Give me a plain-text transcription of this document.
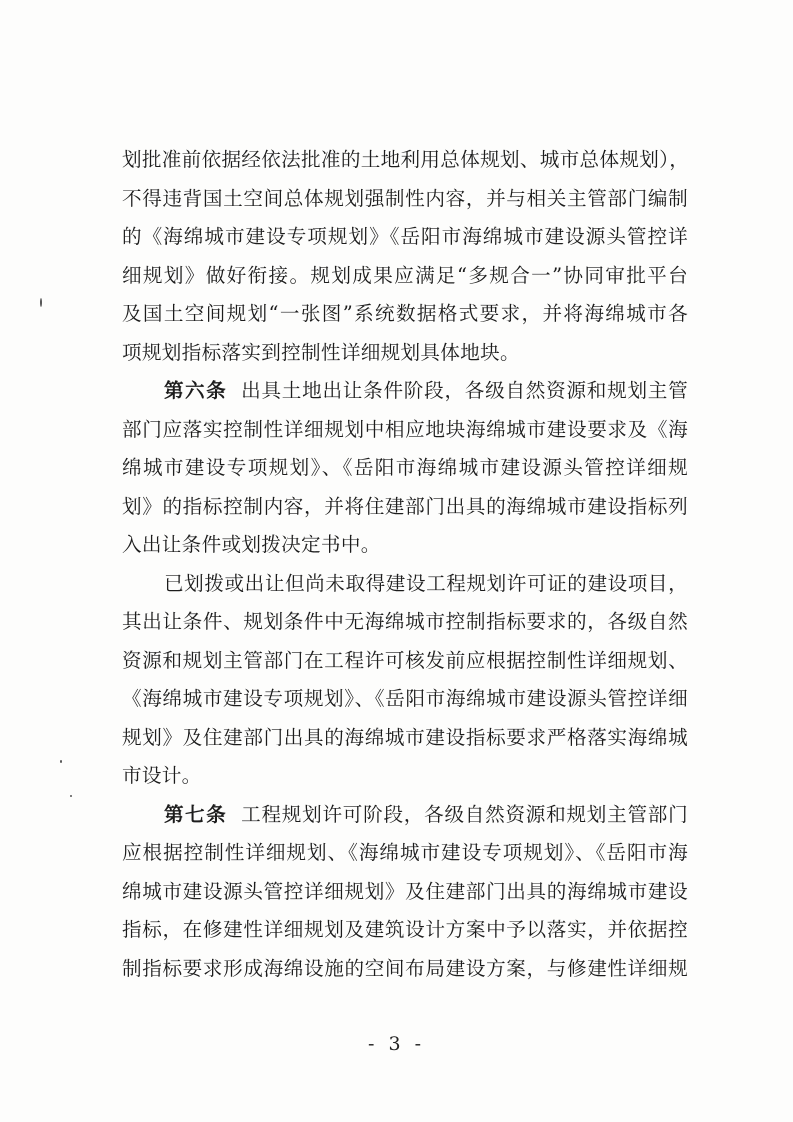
划批准前依据经依法批准的土地利用总体规划、城市总体规划），
不得违背国土空间总体规划强制性内容，并与相关主管部门编制
的《海绵城市建设专项规划》《岳阳市海绵城市建设源头管控详
细规划》做好衔接。规划成果应满足“多规合一”协同审批平台
及国土空间规划“一张图”系统数据格式要求，并将海绵城市各
项规划指标落实到控制性详细规划具体地块。
第六条 出具土地出让条件阶段，各级自然资源和规划主管
部门应落实控制性详细规划中相应地块海绵城市建设要求及《海
绵城市建设专项规划》、《岳阳市海绵城市建设源头管控详细规
划》的指标控制内容，并将住建部门出具的海绵城市建设指标列
入出让条件或划拨决定书中。
已划拨或出让但尚未取得建设工程规划许可证的建设项目，
其出让条件、规划条件中无海绵城市控制指标要求的，各级自然
资源和规划主管部门在工程许可核发前应根据控制性详细规划、
《海绵城市建设专项规划》、《岳阳市海绵城市建设源头管控详细
规划》及住建部门出具的海绵城市建设指标要求严格落实海绵城
市设计。
第七条 工程规划许可阶段，各级自然资源和规划主管部门
应根据控制性详细规划、《海绵城市建设专项规划》、《岳阳市海
绵城市建设源头管控详细规划》及住建部门出具的海绵城市建设
指标，在修建性详细规划及建筑设计方案中予以落实，并依据控
制指标要求形成海绵设施的空间布局建设方案，与修建性详细规
- 3 -
